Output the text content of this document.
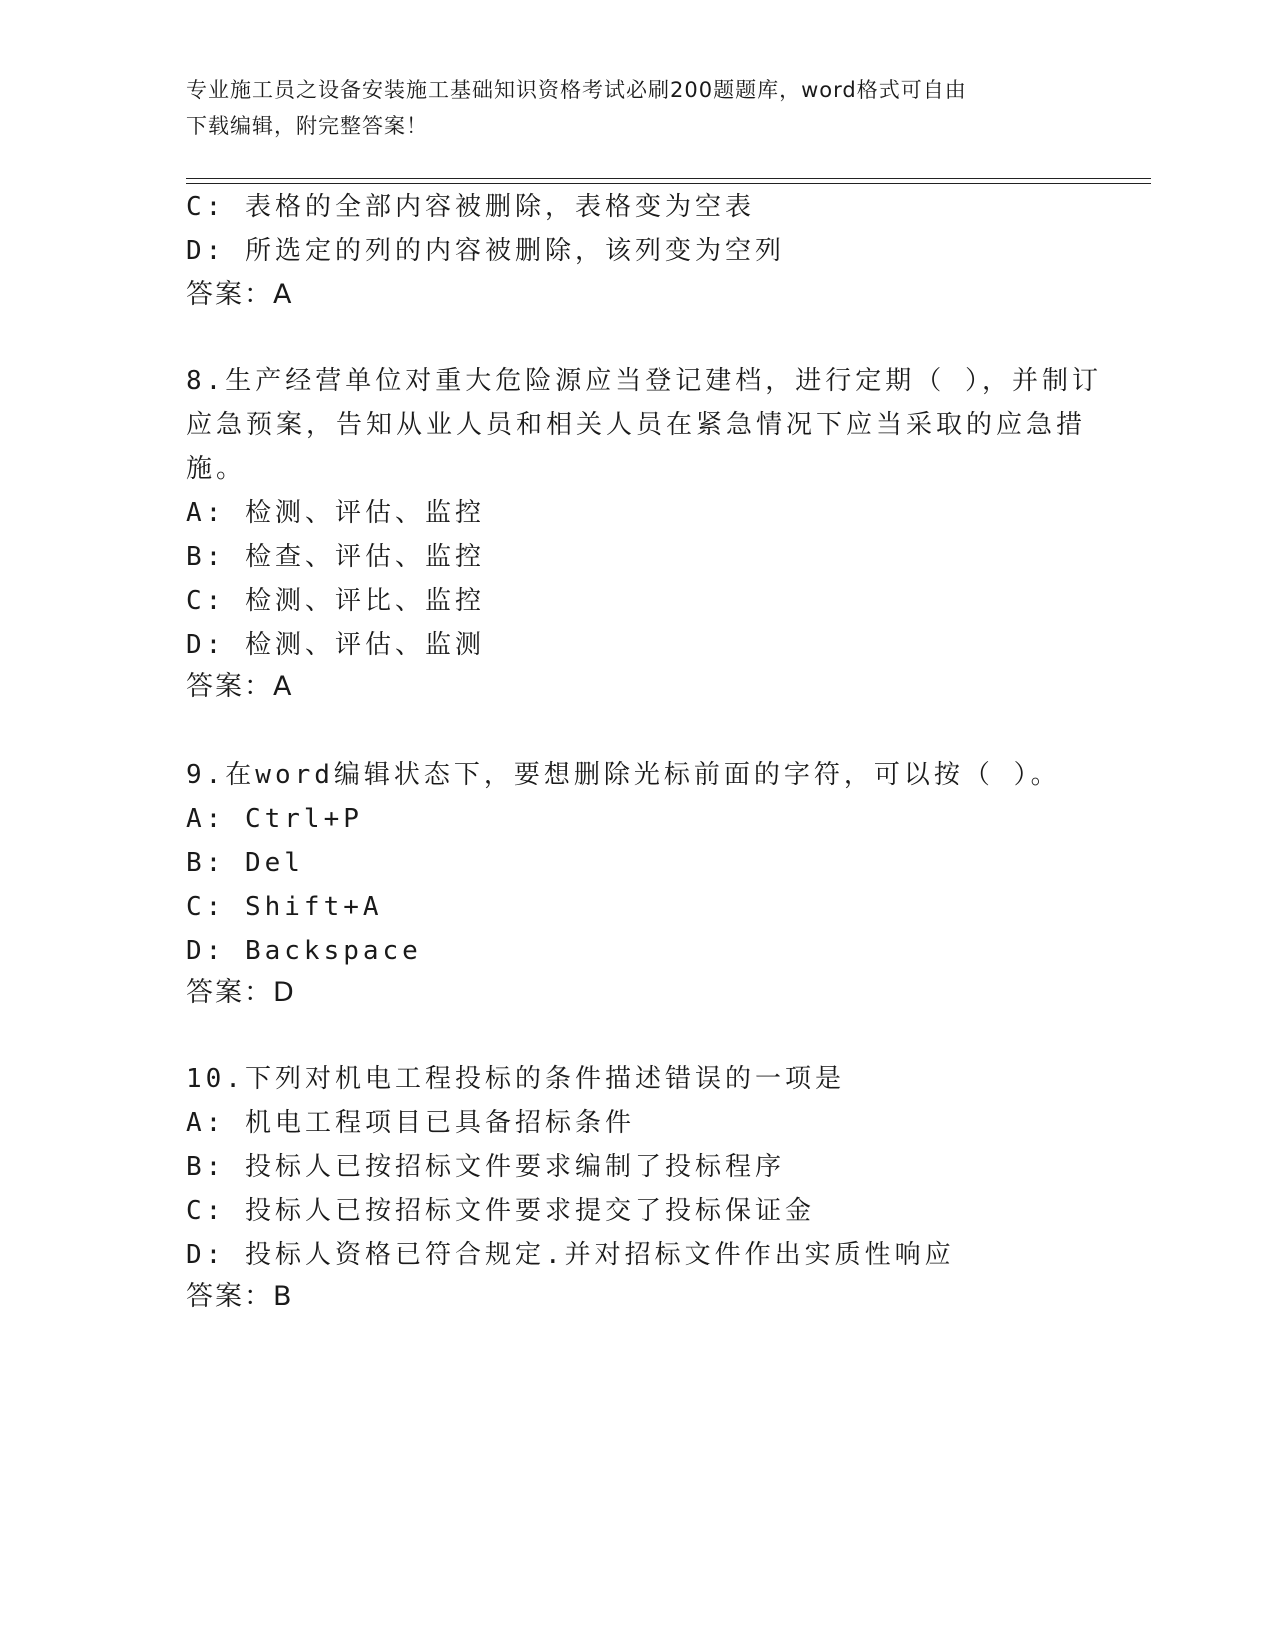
专业施工员之设备安装施工基础知识资格考试必刷200题题库，word格式可自由
下载编辑，附完整答案！
C: 表格的全部内容被删除，表格变为空表
D: 所选定的列的内容被删除，该列变为空列
答案：A
8.生产经营单位对重大危险源应当登记建档，进行定期（ ），并制订
应急预案，告知从业人员和相关人员在紧急情况下应当采取的应急措
施。
A: 检测、评估、监控
B: 检查、评估、监控
C: 检测、评比、监控
D: 检测、评估、监测
答案：A
9.在word编辑状态下，要想删除光标前面的字符，可以按（ ）。
A: Ctrl+P
B: Del
C: Shift+A
D: Backspace
答案：D
10.下列对机电工程投标的条件描述错误的一项是
A: 机电工程项目已具备招标条件
B: 投标人已按招标文件要求编制了投标程序
C: 投标人已按招标文件要求提交了投标保证金
D: 投标人资格已符合规定.并对招标文件作出实质性响应
答案：B
